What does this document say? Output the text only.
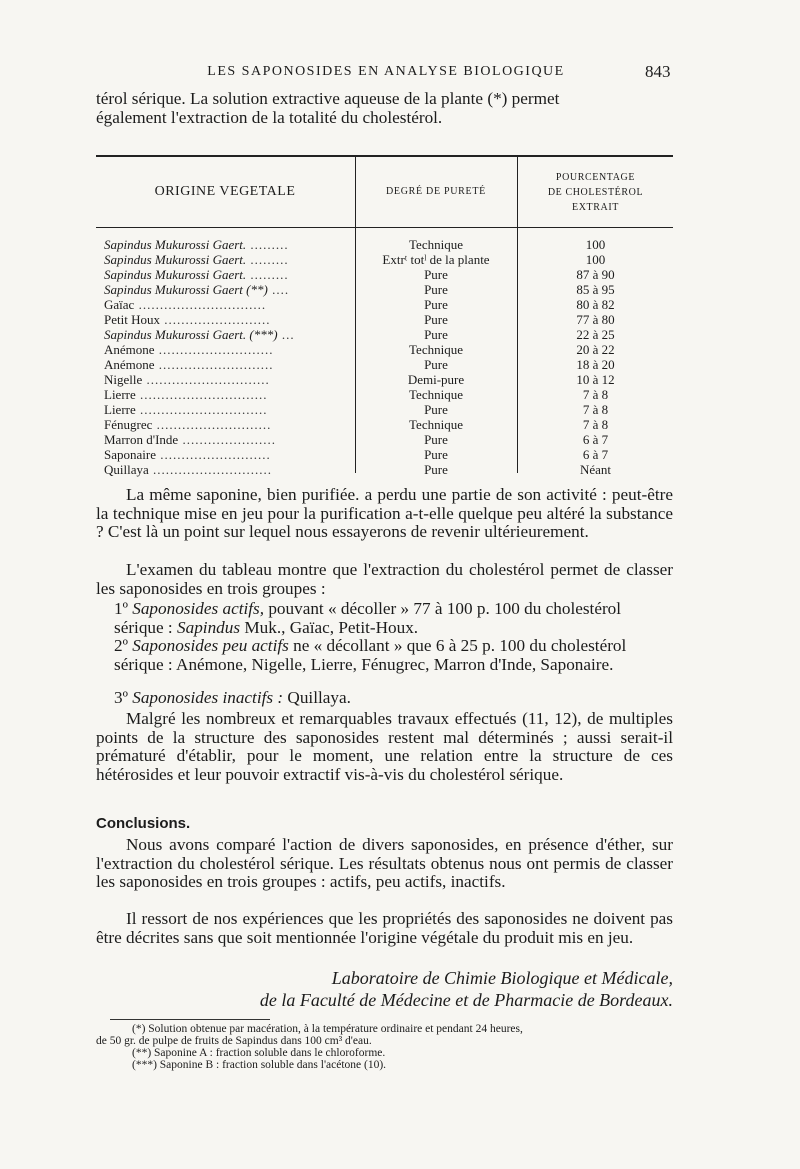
LES SAPONOSIDES EN ANALYSE BIOLOGIQUE	843
térol sérique. La solution extractive aqueuse de la plante (*) permet
également l'extraction de la totalité du cholestérol.
ORIGINE VEGETALE	DEGRÉ DE PURETÉ
POURCENTAGE
DE CHOLESTÉROL
EXTRAIT
Sapindus Mukurossi Gaert. .........	Technique	100
Sapindus Mukurossi Gaert. .........	Extrᵗ totˡ de la plante	100
Sapindus Mukurossi Gaert. .........	Pure	87 à 90
Sapindus Mukurossi Gaert (**) ....	Pure	85 à 95
Gaïac ..............................	Pure	80 à 82
Petit Houx .........................	Pure	77 à 80
Sapindus Mukurossi Gaert. (***) ...	Pure	22 à 25
Anémone ...........................	Technique	20 à 22
Anémone ...........................	Pure	18 à 20
Nigelle .............................	Demi-pure	10 à 12
Lierre ..............................	Technique	7 à 8
Lierre ..............................	Pure	7 à 8
Fénugrec ...........................	Technique	7 à 8
Marron d'Inde ......................	Pure	6 à 7
Saponaire ..........................	Pure	6 à 7
Quillaya ............................	Pure	Néant

La même saponine, bien purifiée. a perdu une partie de son activité : peut-être la technique mise en jeu pour la purification a-t-elle quelque peu altéré la substance ? C'est là un point sur lequel nous essayerons de revenir ultérieurement.

L'examen du tableau montre que l'extraction du cholestérol permet de classer les saponosides en trois groupes :

1º Saponosides actifs, pouvant « décoller » 77 à 100 p. 100 du cholestérol sérique : Sapindus Muk., Gaïac, Petit-Houx.
2º Saponosides peu actifs ne « décollant » que 6 à 25 p. 100 du cholestérol sérique : Anémone, Nigelle, Lierre, Fénugrec, Marron d'Inde, Saponaire.
3º Saponosides inactifs : Quillaya.

Malgré les nombreux et remarquables travaux effectués (11, 12), de multiples points de la structure des saponosides restent mal déterminés ; aussi serait-il prématuré d'établir, pour le moment, une relation entre la structure de ces hétérosides et leur pouvoir extractif vis-à-vis du cholestérol sérique.

Conclusions.

Nous avons comparé l'action de divers saponosides, en présence d'éther, sur l'extraction du cholestérol sérique. Les résultats obtenus nous ont permis de classer les saponosides en trois groupes : actifs, peu actifs, inactifs.

Il ressort de nos expériences que les propriétés des saponosides ne doivent pas être décrites sans que soit mentionnée l'origine végétale du produit mis en jeu.

Laboratoire de Chimie Biologique et Médicale,
de la Faculté de Médecine et de Pharmacie de Bordeaux.
(*) Solution obtenue par macération, à la température ordinaire et pendant 24 heures,
de 50 gr. de pulpe de fruits de Sapindus dans 100 cm³ d'eau.
(**) Saponine A : fraction soluble dans le chloroforme.
(***) Saponine B : fraction soluble dans l'acétone (10).
